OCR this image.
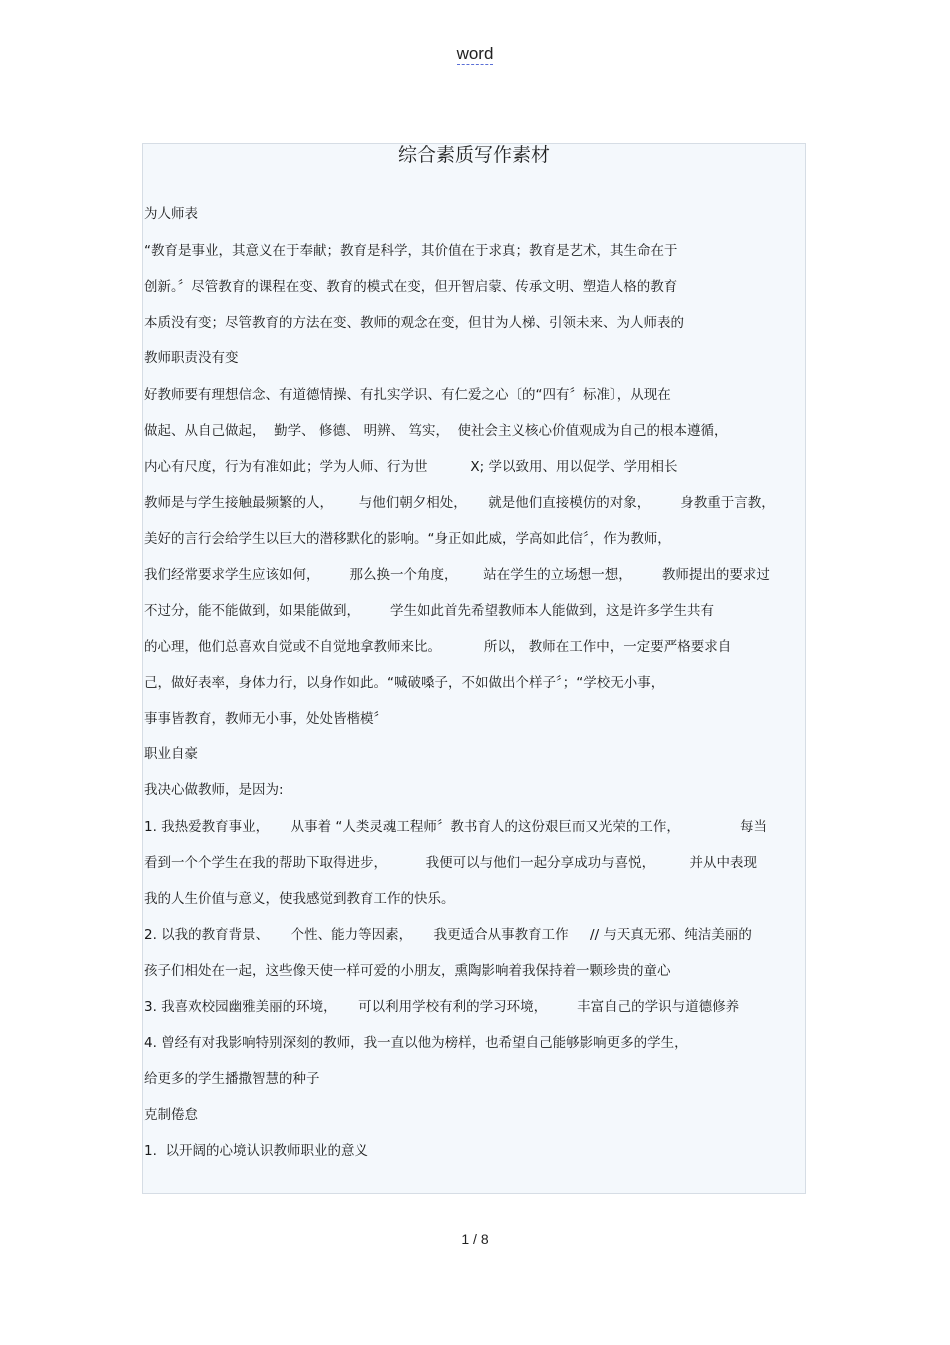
word
综合素质写作素材
为人师表
“教育是事业，其意义在于奉献；教育是科学，其价值在于求真；教育是艺术，其生命在于
创新。〞尽管教育的课程在变、教育的模式在变，但开智启蒙、传承文明、塑造人格的教育
本质没有变；尽管教育的方法在变、教师的观念在变，但甘为人梯、引领未来、为人师表的
教师职责没有变
好教师要有理想信念、有道德情操、有扎实学识、有仁爱之心〔的“四有〞标准〕，从现在
做起、从自己做起，  勤学、 修德、 明辨、 笃实，  使社会主义核心价值观成为自己的根本遵循，
内心有尺度，行为有准如此；学为人师、行为世          X; 学以致用、用以促学、学用相长
教师是与学生接触最频繁的人，      与他们朝夕相处，     就是他们直接模仿的对象，       身教重于言教，
美好的言行会给学生以巨大的潜移默化的影响。“身正如此威，学高如此信〞，作为教师，
我们经常要求学生应该如何，       那么换一个角度，      站在学生的立场想一想，       教师提出的要求过
不过分，能不能做到，如果能做到，       学生如此首先希望教师本人能做到，这是许多学生共有
的心理，他们总喜欢自觉或不自觉地拿教师来比。          所以， 教师在工作中，一定要严格要求自
己，做好表率，身体力行，以身作如此。“喊破嗓子，不如做出个样子〞；“学校无小事，
事事皆教育，教师无小事，处处皆楷模〞
职业自豪
我决心做教师，是因为:
1. 我热爱教育事业，     从事着 “人类灵魂工程师〞教书育人的这份艰巨而又光荣的工作，              每当
看到一个个学生在我的帮助下取得进步，         我便可以与他们一起分享成功与喜悦，        并从中表现
我的人生价值与意义，使我感觉到教育工作的快乐。
2. 以我的教育背景、     个性、能力等因素，     我更适合从事教育工作     // 与天真无邪、纯洁美丽的
孩子们相处在一起，这些像天使一样可爱的小朋友，熏陶影响着我保持着一颗珍贵的童心
3. 我喜欢校园幽雅美丽的环境，     可以利用学校有利的学习环境，       丰富自己的学识与道德修养
4. 曾经有对我影响特别深刻的教师，我一直以他为榜样，也希望自己能够影响更多的学生，
给更多的学生播撒智慧的种子
克制倦怠
1.  以开阔的心境认识教师职业的意义
1 / 8
